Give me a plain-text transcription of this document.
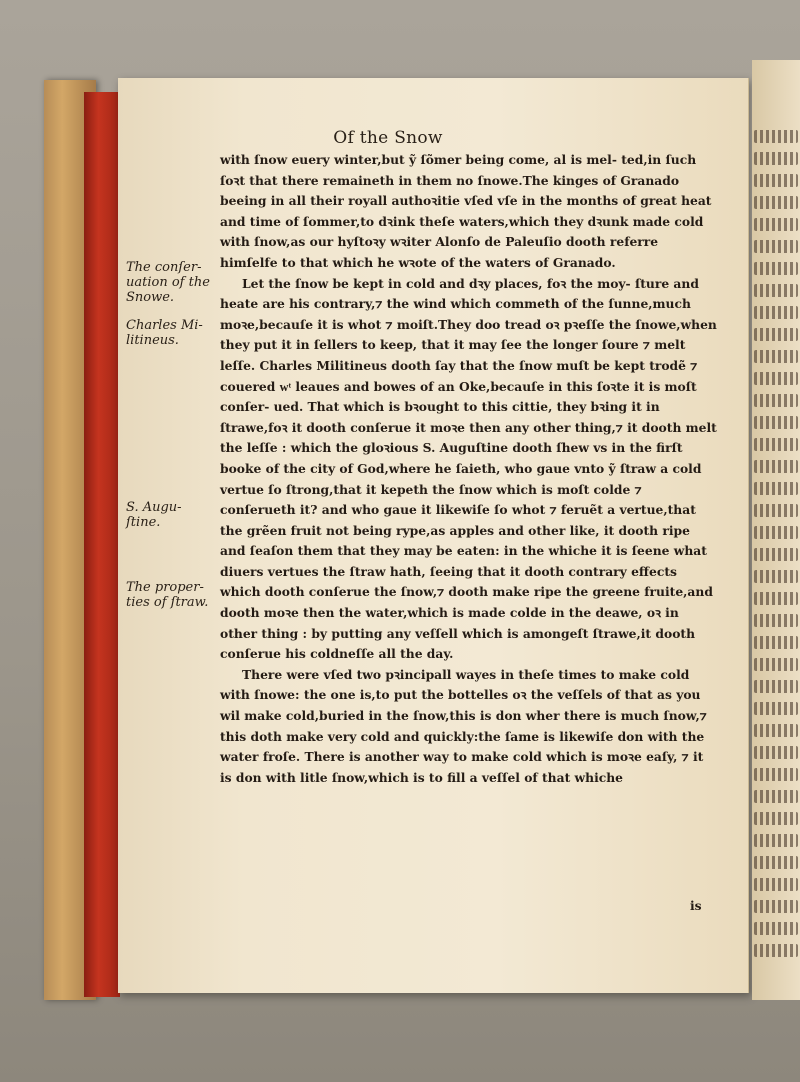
Of the Snow

with ſnow euery winter,but ỹ ſõmer being come, al is mel- ted,in ſuch ſoꝛt that there remaineth in them no ſnowe.The kinges of Granado beeing in all their royall authoꝛitie vſed vſe in the months of great heat and time of ſommer,to dꝛink theſe waters,which they dꝛunk made cold with ſnow,as our hyſtoꝛy wꝛiter Alonſo de Paleuſio dooth referre himſelfe to that which he wꝛote of the waters of Granado.

Let the ſnow be kept in cold and dꝛy places, foꝛ the moy- ſture and heate are his contrary,⁊ the wind which commeth of the ſunne,much moꝛe,becauſe it is whot ⁊ moiſt.They doo tread oꝛ pꝛeſſe the ſnowe,when they put it in ſellers to keep, that it may ſee the longer ſoure ⁊ melt leſſe. Charles Militineus dooth ſay that the ſnow muſt be kept trodẽ ⁊ couered wͭ leaues and bowes of an Oke,becauſe in this ſoꝛte it is moſt conſer- ued. That which is bꝛought to this cittie, they bꝛing it in ſtrawe,foꝛ it dooth conſerue it moꝛe then any other thing,⁊ it dooth melt the leſſe : which the gloꝛious S. Auguſtine dooth ſhew vs in the firſt booke of the city of God,where he ſaieth, who gaue vnto ỹ ſtraw a cold vertue ſo ſtrong,that it kepeth the ſnow which is moſt colde ⁊ conſerueth it? and who gaue it likewiſe ſo whot ⁊ feruẽt a vertue,that the grẽen fruit not being rype,as apples and other like, it dooth ripe and ſeaſon them that they may be eaten: in the whiche it is ſeene what diuers vertues the ſtraw hath, ſeeing that it dooth contrary effects which dooth conſerue the ſnow,⁊ dooth make ripe the greene fruite,and dooth moꝛe then the water,which is made colde in the deawe, oꝛ in other thing : by putting any veſſell which is amongeſt ſtrawe,it dooth conſerue his coldneſſe all the day.

There were vſed two pꝛincipall wayes in theſe times to make cold with ſnowe: the one is,to put the bottelles oꝛ the veſſels of that as you wil make cold,buried in the ſnow,this is don wher there is much ſnow,⁊ this doth make very cold and quickly:the ſame is likewiſe don with the water froſe. There is another way to make cold which is moꝛe eaſy, ⁊ it is don with litle ſnow,which is to fill a veſſel of that whiche

The conſer- uation of the Snowe.
Charles Mi- litineus.
S. Augu- ſtine.
The proper- ties of ſtraw.
is
